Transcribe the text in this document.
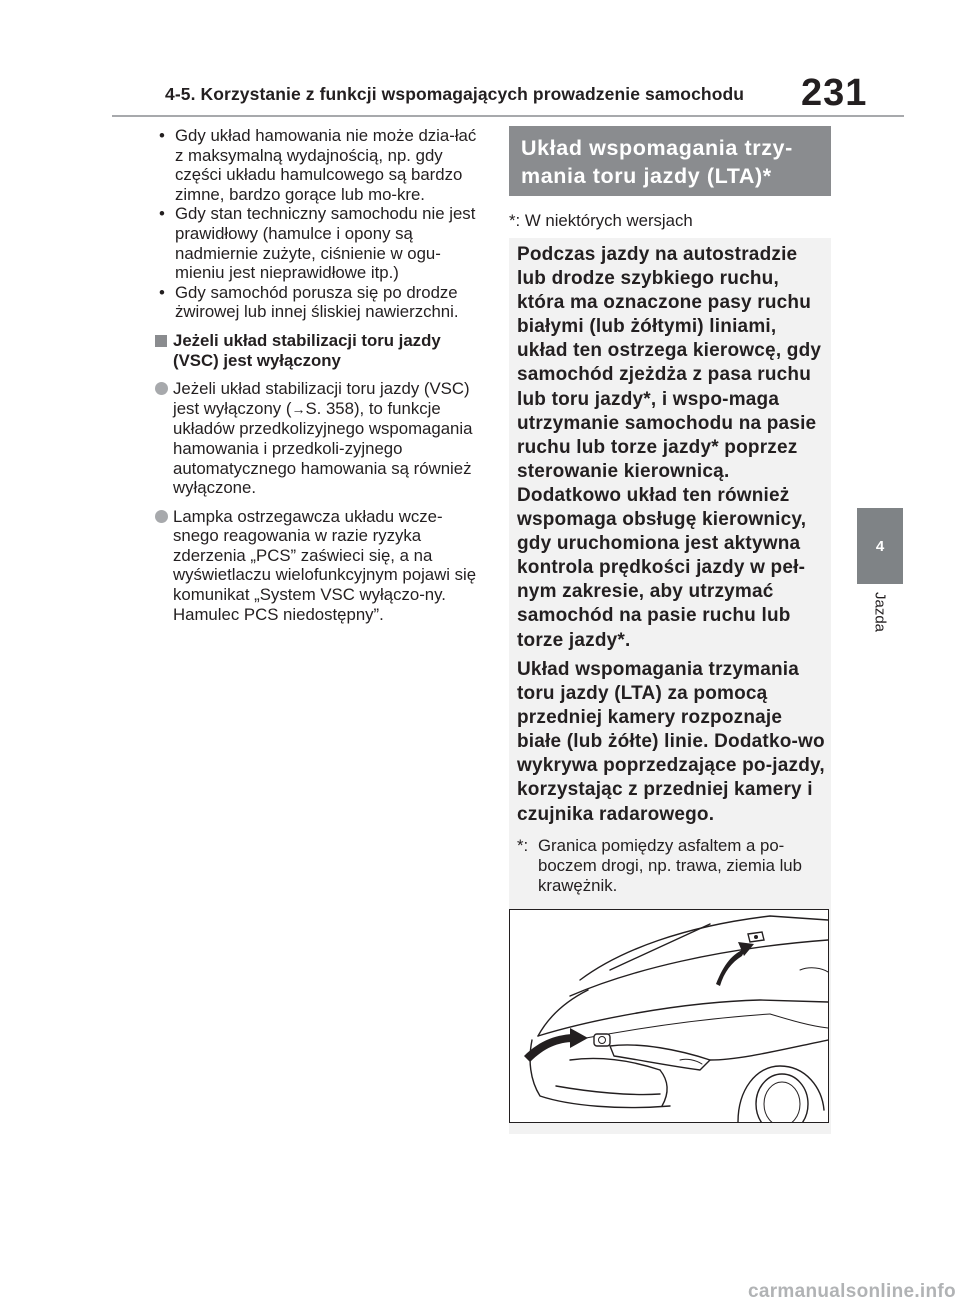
4-5. Korzystanie z funkcji wspomagających prowadzenie samochodu 231
4
Jazda

• Gdy układ hamowania nie może dzia-łać z maksymalną wydajnością, np. gdy części układu hamulcowego są bardzo zimne, bardzo gorące lub mo-kre.

• Gdy stan techniczny samochodu nie jest prawidłowy (hamulce i opony są nadmiernie zużyte, ciśnienie w ogu-mieniu jest nieprawidłowe itp.)

• Gdy samochód porusza się po drodze żwirowej lub innej śliskiej nawierzchni.

Jeżeli układ stabilizacji toru jazdy (VSC) jest wyłączony
Jeżeli układ stabilizacji toru jazdy (VSC) jest wyłączony (→S. 358), to funkcje układów przedkolizyjnego wspomagania hamowania i przedkoli-zyjnego automatycznego hamowania są również wyłączone.
Lampka ostrzegawcza układu wcze-snego reagowania w razie ryzyka zderzenia „PCS” zaświeci się, a na wyświetlaczu wielofunkcyjnym pojawi się komunikat „System VSC wyłączo-ny. Hamulec PCS niedostępny”.
Układ wspomagania trzy-
mania toru jazdy (LTA)*
*: W niektórych wersjach
Podczas jazdy na autostradzie lub drodze szybkiego ruchu, która ma oznaczone pasy ruchu białymi (lub żółtymi) liniami, układ ten ostrzega kierowcę, gdy samochód zjeżdża z pasa ruchu lub toru jazdy*, i wspo-maga utrzymanie samochodu na pasie ruchu lub torze jazdy* poprzez sterowanie kierownicą. Dodatkowo układ ten również wspomaga obsługę kierownicy, gdy uruchomiona jest aktywna kontrola prędkości jazdy w peł-nym zakresie, aby utrzymać samochód na pasie ruchu lub torze jazdy*.
Układ wspomagania trzymania toru jazdy (LTA) za pomocą przedniej kamery rozpoznaje białe (lub żółte) linie. Dodatko-wo wykrywa poprzedzające po-jazdy, korzystając z przedniej kamery i czujnika radarowego.
*: Granica pomiędzy asfaltem a po-boczem drogi, np. trawa, ziemia lub krawężnik.
carmanualsonline.info
